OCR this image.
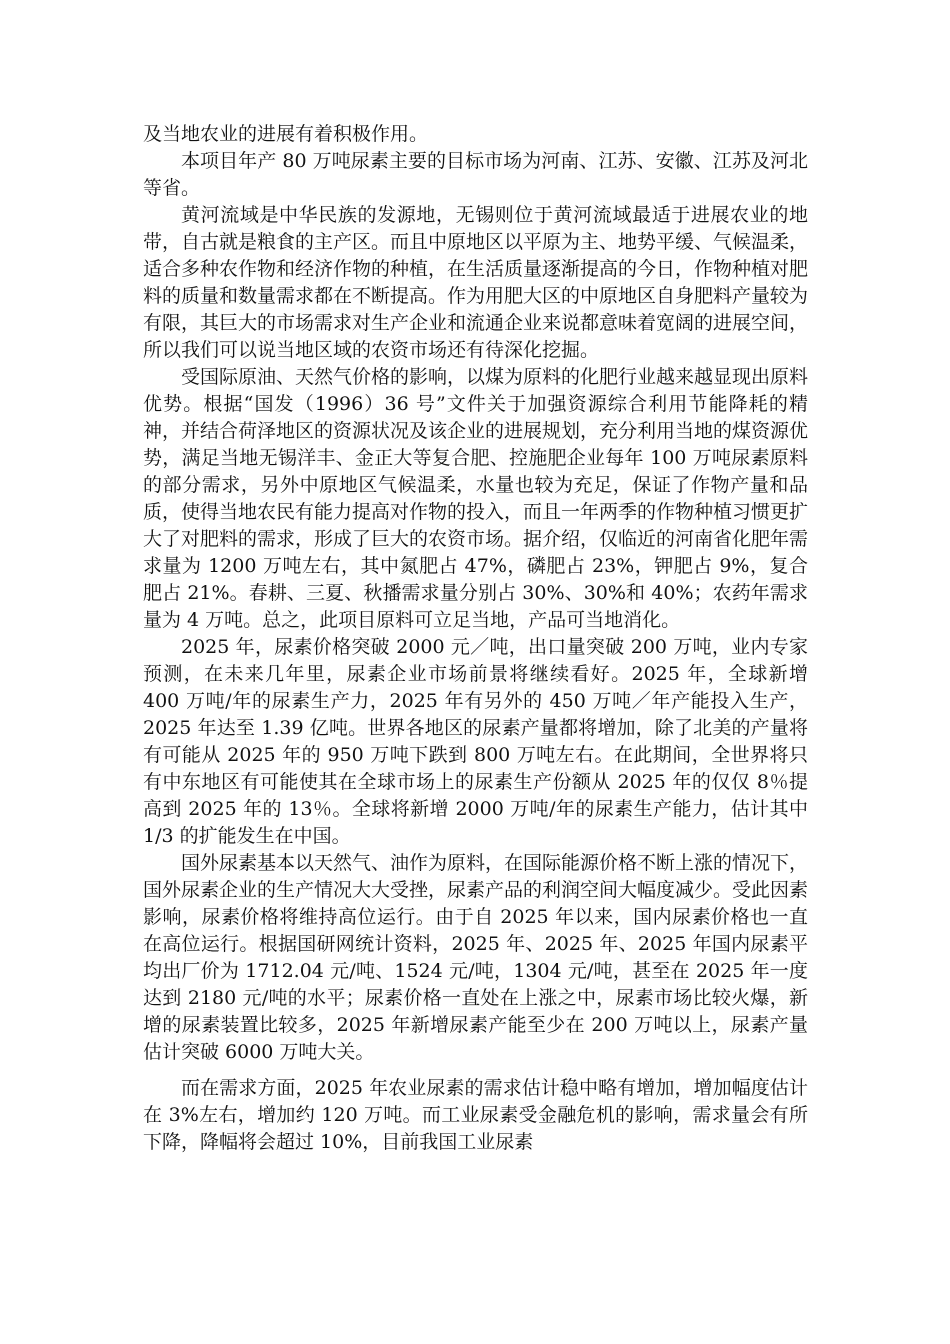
及当地农业的进展有着积极作用。

本项目年产 80 万吨尿素主要的目标市场为河南、江苏、安徽、江苏及河北等省。

黄河流域是中华民族的发源地，无锡则位于黄河流域最适于进展农业的地带，自古就是粮食的主产区。而且中原地区以平原为主、地势平缓、气候温柔，适合多种农作物和经济作物的种植，在生活质量逐渐提高的今日，作物种植对肥料的质量和数量需求都在不断提高。作为用肥大区的中原地区自身肥料产量较为有限，其巨大的市场需求对生产企业和流通企业来说都意味着宽阔的进展空间，所以我们可以说当地区域的农资市场还有待深化挖掘。

受国际原油、天然气价格的影响，以煤为原料的化肥行业越来越显现出原料优势。根据“国发（1996）36 号”文件关于加强资源综合利用节能降耗的精神，并结合荷泽地区的资源状况及该企业的进展规划，充分利用当地的煤资源优势，满足当地无锡洋丰、金正大等复合肥、控施肥企业每年 100 万吨尿素原料的部分需求，另外中原地区气候温柔，水量也较为充足，保证了作物产量和品质，使得当地农民有能力提高对作物的投入，而且一年两季的作物种植习惯更扩大了对肥料的需求，形成了巨大的农资市场。据介绍，仅临近的河南省化肥年需求量为 1200 万吨左右，其中氮肥占 47%，磷肥占 23%，钾肥占 9%，复合肥占 21%。春耕、三夏、秋播需求量分别占 30%、30%和 40%；农药年需求量为 4 万吨。总之，此项目原料可立足当地，产品可当地消化。

2025 年，尿素价格突破 2000 元／吨，出口量突破 200 万吨，业内专家预测，在未来几年里，尿素企业市场前景将继续看好。2025 年，全球新增 400 万吨/年的尿素生产力，2025 年有另外的 450 万吨／年产能投入生产，2025 年达至 1.39 亿吨。世界各地区的尿素产量都将增加，除了北美的产量将有可能从 2025 年的 950 万吨下跌到 800 万吨左右。在此期间，全世界将只有中东地区有可能使其在全球市场上的尿素生产份额从 2025 年的仅仅 8％提高到 2025 年的 13％。全球将新增 2000 万吨/年的尿素生产能力，估计其中 1/3 的扩能发生在中国。

国外尿素基本以天然气、油作为原料，在国际能源价格不断上涨的情况下，国外尿素企业的生产情况大大受挫，尿素产品的利润空间大幅度减少。受此因素影响，尿素价格将维持高位运行。由于自 2025 年以来，国内尿素价格也一直在高位运行。根据国研网统计资料，2025 年、2025 年、2025 年国内尿素平均出厂价为 1712.04 元/吨、1524 元/吨，1304 元/吨，甚至在 2025 年一度达到 2180 元/吨的水平；尿素价格一直处在上涨之中，尿素市场比较火爆，新增的尿素装置比较多，2025 年新增尿素产能至少在 200 万吨以上，尿素产量估计突破 6000 万吨大关。

而在需求方面，2025 年农业尿素的需求估计稳中略有增加，增加幅度估计在 3%左右，增加约 120 万吨。而工业尿素受金融危机的影响，需求量会有所下降，降幅将会超过 10%，目前我国工业尿素
